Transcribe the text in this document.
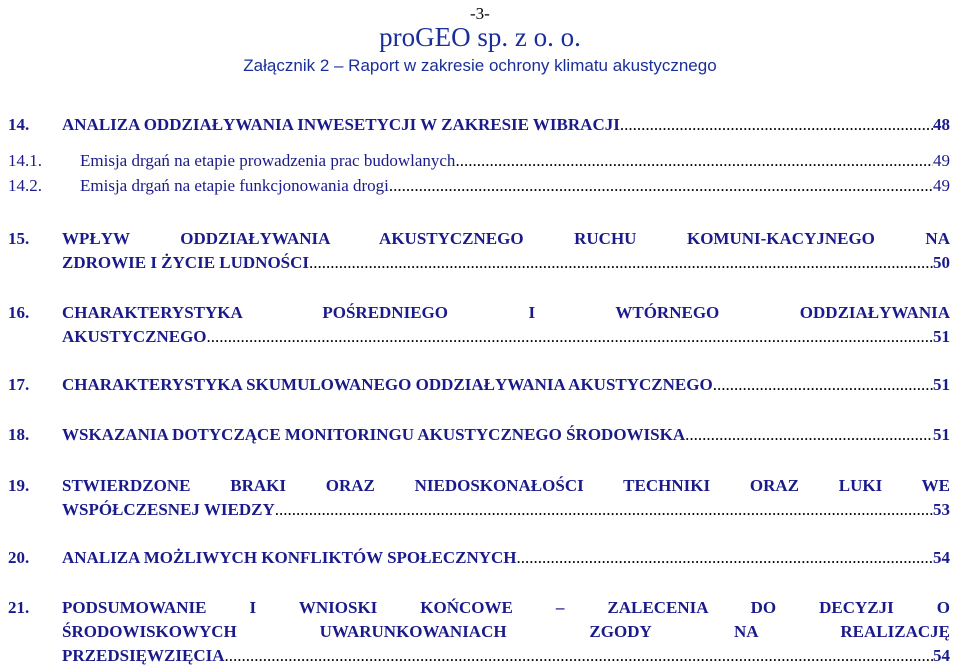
-3-
proGEO sp. z o. o.
Załącznik 2 – Raport w zakresie ochrony klimatu akustycznego
14. ANALIZA ODDZIAŁYWANIA INWESETYCJI W ZAKRESIE WIBRACJI .....	48
14.1. Emisja drgań na etapie prowadzenia prac budowlanych .....	49
14.2. Emisja drgań na etapie funkcjonowania drogi .....	49
15. WPŁYW ODDZIAŁYWANIA AKUSTYCZNEGO RUCHU KOMUNI-KACYJNEGO NA
ZDROWIE I ŻYCIE LUDNOŚCI .....	50
16. CHARAKTERYSTYKA POŚREDNIEGO I WTÓRNEGO ODDZIAŁYWANIA
AKUSTYCZNEGO .....	51
17. CHARAKTERYSTYKA SKUMULOWANEGO ODDZIAŁYWANIA AKUSTYCZNEGO .....	51
18. WSKAZANIA DOTYCZĄCE MONITORINGU AKUSTYCZNEGO ŚRODOWISKA .....	51
19. STWIERDZONE BRAKI ORAZ NIEDOSKONAŁOŚCI TECHNIKI ORAZ LUKI WE
WSPÓŁCZESNEJ WIEDZY .....	53
20. ANALIZA MOŻLIWYCH KONFLIKTÓW SPOŁECZNYCH .....	54
21. PODSUMOWANIE I WNIOSKI KOŃCOWE – ZALECENIA DO DECYZJI O
ŚRODOWISKOWYCH UWARUNKOWANIACH ZGODY NA REALIZACJĘ
PRZEDSIĘWZIĘCIA .....	54
